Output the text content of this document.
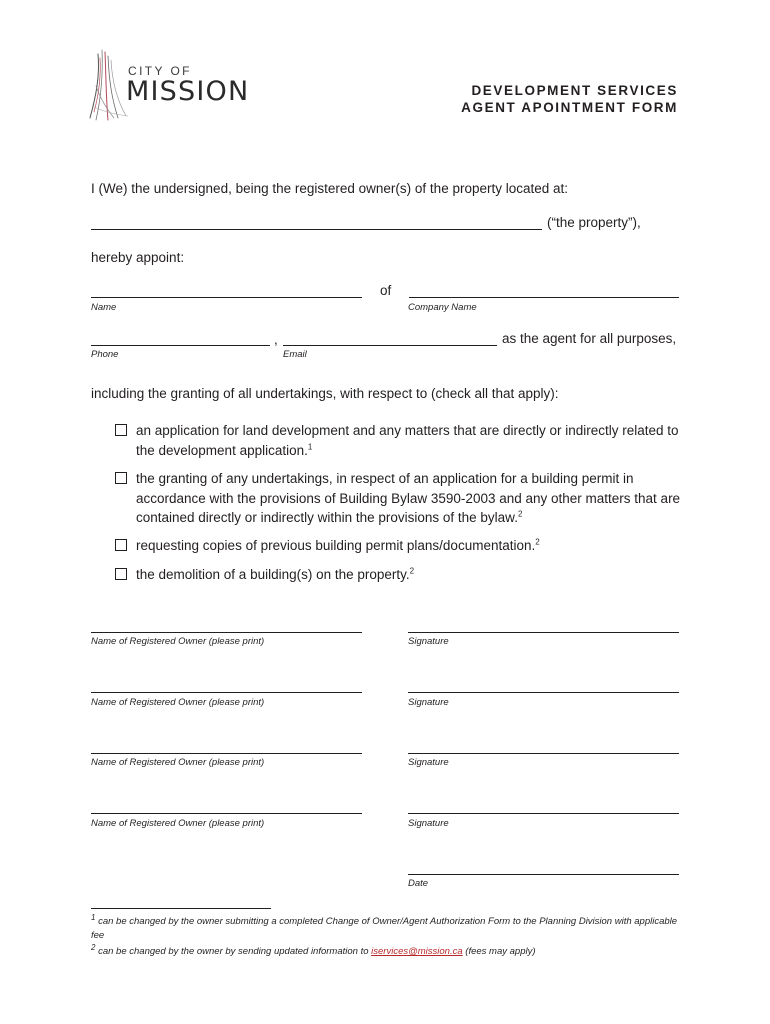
CITY OF
MISSION	DEVELOPMENT SERVICES
AGENT APOINTMENT FORM
I (We) the undersigned, being the registered owner(s) of the property located at:
(“the property”),
hereby appoint:
of
Name	Company Name
,	as the agent for all purposes,
Phone	Email
including the granting of all undertakings, with respect to (check all that apply):
an application for land development and any matters that are directly or indirectly related to the development application.$^1$
the granting of any undertakings, in respect of an application for a building permit in accordance with the provisions of Building Bylaw 3590-2003 and any other matters that are contained directly or indirectly within the provisions of the bylaw.$^2$
requesting copies of previous building permit plans/documentation.$^2$
the demolition of a building(s) on the property.$^2$
Name of Registered Owner (please print)	Signature
Name of Registered Owner (please print)	Signature
Name of Registered Owner (please print)	Signature
Name of Registered Owner (please print)	Signature
Date
$^1$ can be changed by the owner submitting a completed Change of Owner/Agent Authorization Form to the Planning Division with applicable fee
$^2$ can be changed by the owner by sending updated information to iservices@mission.ca (fees may apply)
